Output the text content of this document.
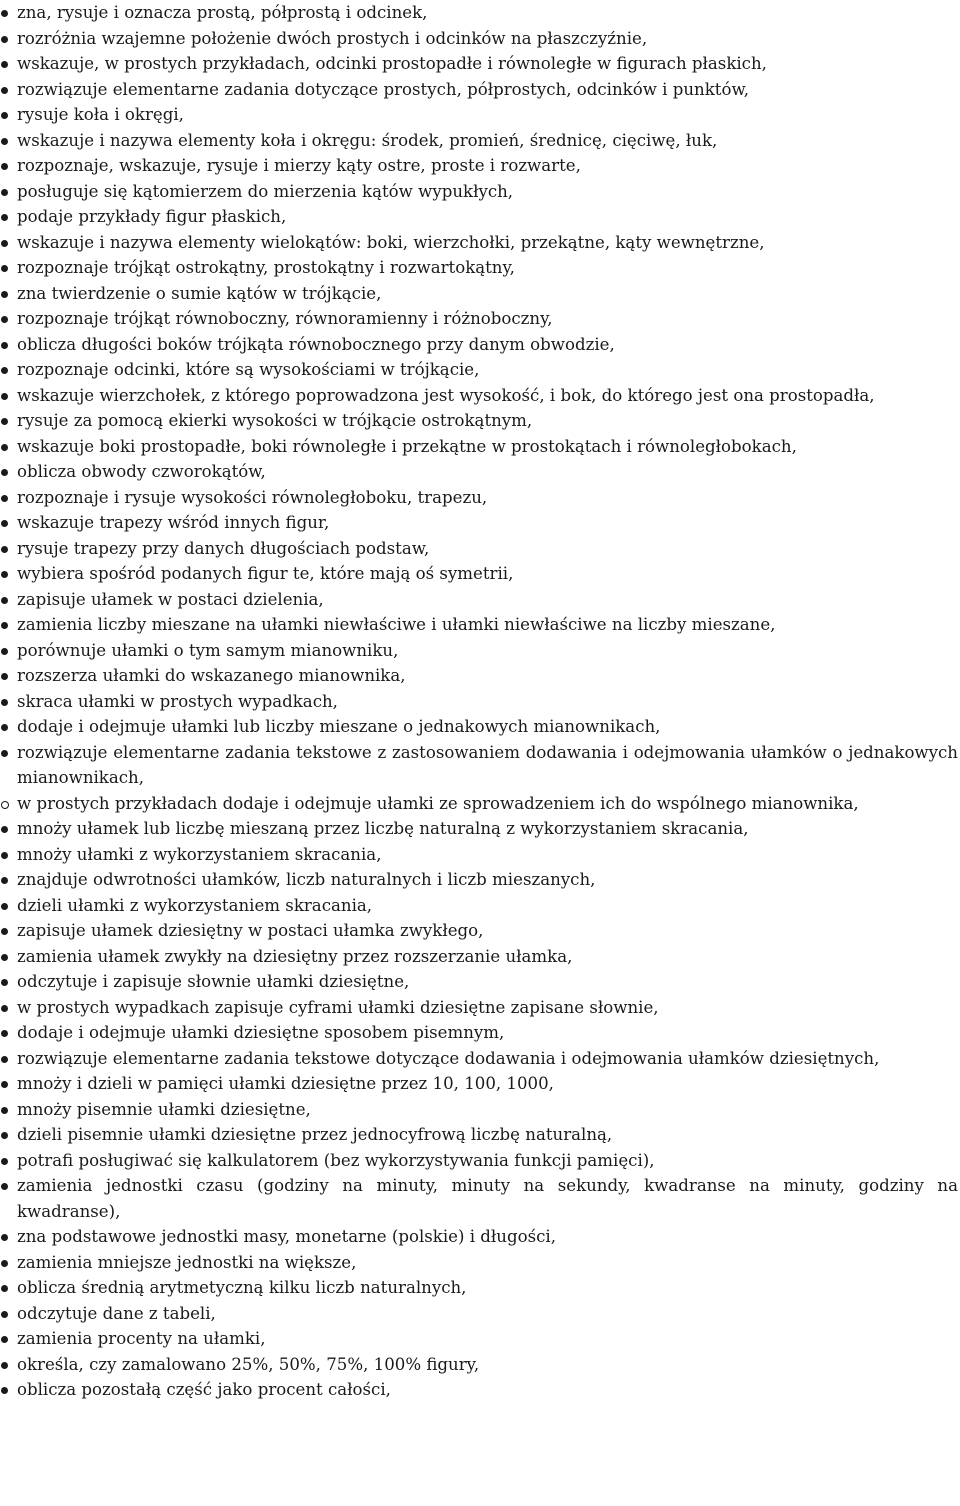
zna, rysuje i oznacza prostą, półprostą i odcinek,
rozróżnia wzajemne położenie dwóch prostych i odcinków na płaszczyźnie,
wskazuje, w prostych przykładach, odcinki prostopadłe i równoległe w figurach płaskich,
rozwiązuje elementarne zadania dotyczące prostych, półprostych, odcinków i punktów,
rysuje koła i okręgi,
wskazuje i nazywa elementy koła i okręgu: środek, promień, średnicę, cięciwę, łuk,
rozpoznaje, wskazuje, rysuje i mierzy kąty ostre, proste i rozwarte,
posługuje się kątomierzem do mierzenia kątów wypukłych,
podaje przykłady figur płaskich,
wskazuje i nazywa elementy wielokątów: boki, wierzchołki, przekątne, kąty wewnętrzne,
rozpoznaje trójkąt ostrokątny, prostokątny i rozwartokątny,
zna twierdzenie o sumie kątów w trójkącie,
rozpoznaje trójkąt równoboczny, równoramienny i różnoboczny,
oblicza długości boków trójkąta równobocznego przy danym obwodzie,
rozpoznaje odcinki, które są wysokościami w trójkącie,
wskazuje wierzchołek, z którego poprowadzona jest wysokość, i bok, do którego jest ona prostopadła,
rysuje za pomocą ekierki wysokości w trójkącie ostrokątnym,
wskazuje boki prostopadłe, boki równoległe i przekątne w prostokątach i równoległobokach,
oblicza obwody czworokątów,
rozpoznaje i rysuje wysokości równoległoboku, trapezu,
wskazuje trapezy wśród innych figur,
rysuje trapezy przy danych długościach podstaw,
wybiera spośród podanych figur te, które mają oś symetrii,
zapisuje ułamek w postaci dzielenia,
zamienia liczby mieszane na ułamki niewłaściwe i ułamki niewłaściwe na liczby mieszane,
porównuje ułamki o tym samym mianowniku,
rozszerza ułamki do wskazanego mianownika,
skraca ułamki w prostych wypadkach,
dodaje i odejmuje ułamki lub liczby mieszane o jednakowych mianownikach,
rozwiązuje elementarne zadania tekstowe z zastosowaniem dodawania i odejmowania ułamków o jednakowych mianownikach,
w prostych przykładach dodaje i odejmuje ułamki ze sprowadzeniem ich do wspólnego mianownika,
mnoży ułamek lub liczbę mieszaną przez liczbę naturalną z wykorzystaniem skracania,
mnoży ułamki z wykorzystaniem skracania,
znajduje odwrotności ułamków, liczb naturalnych i liczb mieszanych,
dzieli ułamki z wykorzystaniem skracania,
zapisuje ułamek dziesiętny w postaci ułamka zwykłego,
zamienia ułamek zwykły na dziesiętny przez rozszerzanie ułamka,
odczytuje i zapisuje słownie ułamki dziesiętne,
w prostych wypadkach zapisuje cyframi ułamki dziesiętne zapisane słownie,
dodaje i odejmuje ułamki dziesiętne sposobem pisemnym,
rozwiązuje elementarne zadania tekstowe dotyczące dodawania i odejmowania ułamków dziesiętnych,
mnoży i dzieli w pamięci ułamki dziesiętne przez 10, 100, 1000,
mnoży pisemnie ułamki dziesiętne,
dzieli pisemnie ułamki dziesiętne przez jednocyfrową liczbę naturalną,
potrafi posługiwać się kalkulatorem (bez wykorzystywania funkcji pamięci),
zamienia jednostki czasu (godziny na minuty, minuty na sekundy, kwadranse na minuty, godziny na kwadranse),
zna podstawowe jednostki masy, monetarne (polskie) i długości,
zamienia mniejsze jednostki na większe,
oblicza średnią arytmetyczną kilku liczb naturalnych,
odczytuje dane z tabeli,
zamienia procenty na ułamki,
określa, czy zamalowano 25%, 50%, 75%, 100% figury,
oblicza pozostałą część jako procent całości,
